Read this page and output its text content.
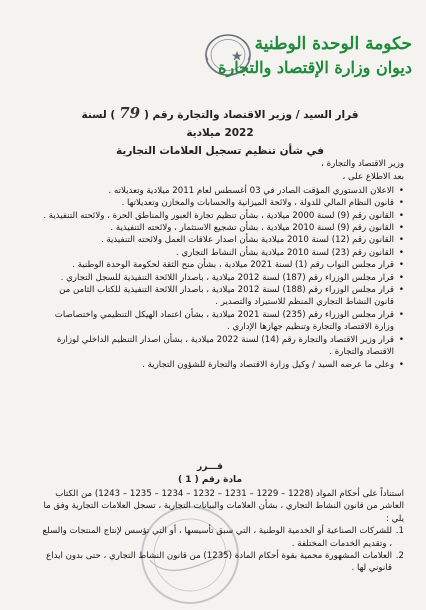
حكومة الوحدة الوطنية
ديوان وزارة الإقتصاد والتجارة
قرار السيد / وزير الاقتصاد والتجارة رقم (79) لسنة 2022 ميلادية
في شأن تنظيم تسجيل العلامات التجارية

وزير الاقتصاد والتجارة ،

بعد الاطلاع على ،

• الاعلان الدستوري المؤقت الصادر في 03 أغسطس لعام 2011 ميلادية وتعديلاته .
• قانون النظام المالي للدولة ، ولائحة الميزانية والحسابات والمخازن وتعديلاتها .
• القانون رقم (9) لسنة 2000 ميلادية ، بشأن تنظيم تجارة العبور والمناطق الحرة ، ولائحته التنفيذية .
• القانون رقم (9) لسنة 2010 ميلادية ، بشأن تشجيع الاستثمار ، ولائحته التنفيذية .
• القانون رقم (12) لسنة 2010 ميلادية بشأن اصدار علاقات العمل ولائحته التنفيذية .
• القانون رقم (23) لسنة 2010 ميلادية بشأن النشاط التجاري .
• قرار مجلس النواب رقم (1) لسنة 2021 ميلادية ، بشأن منح الثقة لحكومة الوحدة الوطنية .
• قرار مجلس الوزراء رقم (187) لسنة 2012 ميلادية ، باصدار اللائحة التنفيذية للسجل التجاري .
• قرار مجلس الوزراء رقم (188) لسنة 2012 ميلادية ، باصدار اللائحة التنفيذية للكتاب الثامن من قانون النشاط التجاري المنظم للاستيراد والتصدير .
• قرار مجلس الوزراء رقم (235) لسنة 2021 ميلادية ، بشأن اعتماد الهيكل التنظيمي واختصاصات وزارة الاقتصاد والتجارة وتنظيم جهازها الإداري .
• قرار وزير الاقتصاد والتجارة رقم (14) لسنة 2022 ميلادية ، بشأن اصدار التنظيم الداخلي لوزارة الاقتصاد والتجارة .
• وعلى ما عرضه السيد / وكيل وزارة الاقتصاد والتجارة للشؤون التجارية .
قـــرر
مادة رقم ( 1 )

استناداً على أحكام المواد (1228 – 1229 – 1231 – 1232 – 1234 – 1235 – 1243) من الكتاب العاشر من قانون النشاط التجاري ، بشأن العلامات والبيانات التجارية ، تسجل العلامات التجارية وفق ما يلي :

1.
للشركات الصناعية أو الخدمية الوطنية ، التي سبق تأسيسها ، أو التي تؤسس لإنتاج المنتجات والسلع ، وتقديم الخدمات المختلفة .
2.
العلامات المشهورة محمية بقوة أحكام المادة (1235) من قانون النشاط التجاري ، حتى بدون ايداع قانوني لها .
